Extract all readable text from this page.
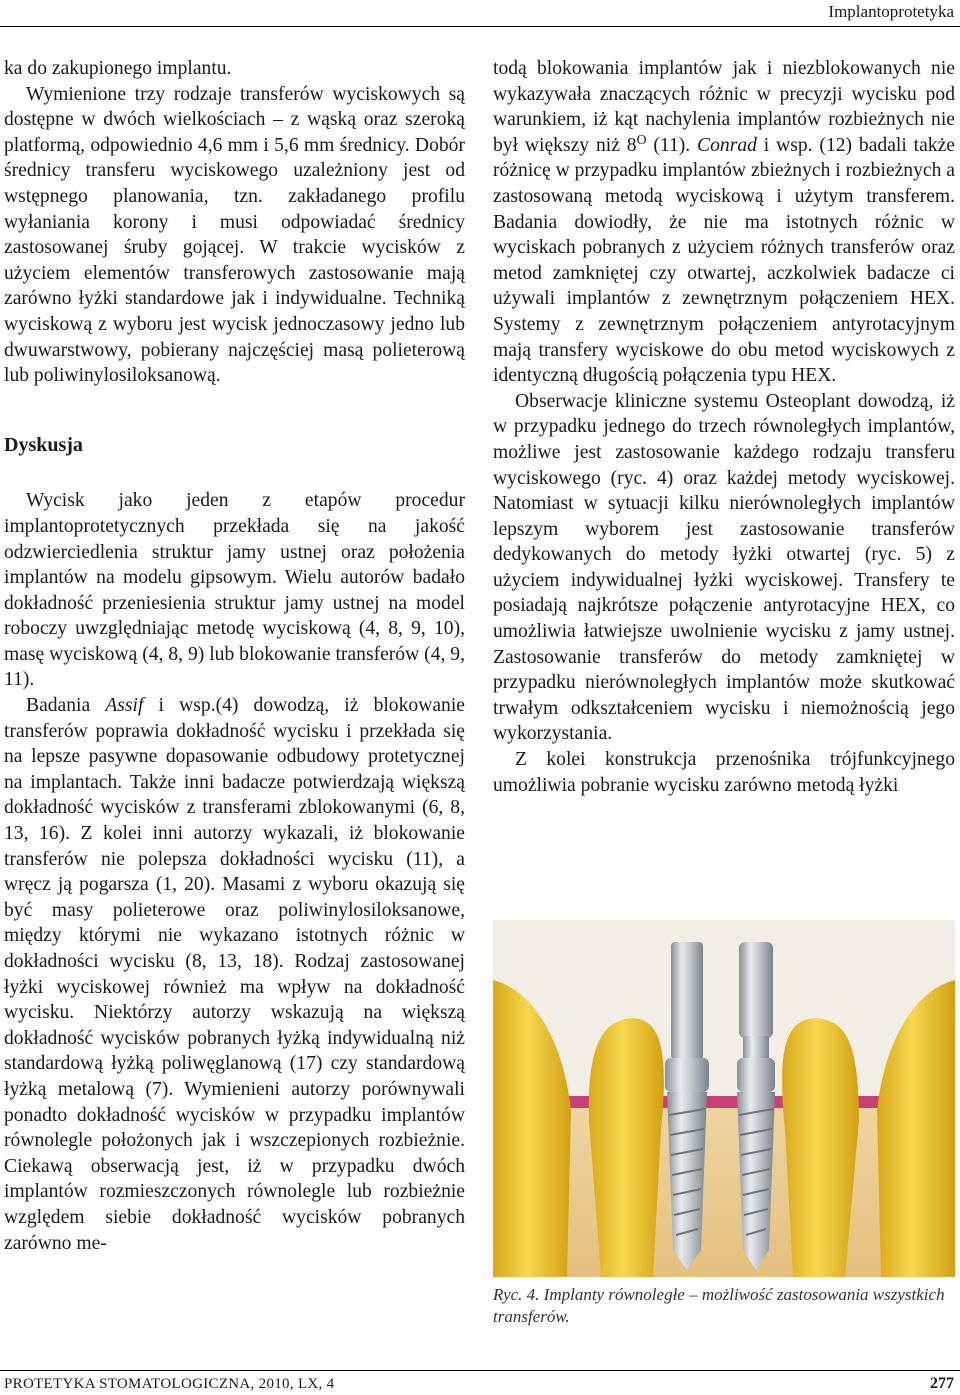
Implantoprotetyka

ka do zakupionego implantu.

Wymienione trzy rodzaje transferów wyciskowych są dostępne w dwóch wielkościach – z wąską oraz szeroką platformą, odpowiednio 4,6 mm i 5,6 mm średnicy. Dobór średnicy transferu wyciskowego uzależniony jest od wstępnego planowania, tzn. zakładanego profilu wyłaniania korony i musi odpowiadać średnicy zastosowanej śruby gojącej. W trakcie wycisków z użyciem elementów transferowych zastosowanie mają zarówno łyżki standardowe jak i indywidualne. Techniką wyciskową z wyboru jest wycisk jednoczasowy jedno lub dwuwarstwowy, pobierany najczęściej masą polieterową lub poliwinylosiloksanową.

Dyskusja

Wycisk jako jeden z etapów procedur implantoprotetycznych przekłada się na jakość odzwierciedlenia struktur jamy ustnej oraz położenia implantów na modelu gipsowym. Wielu autorów badało dokładność przeniesienia struktur jamy ustnej na model roboczy uwzględniając metodę wyciskową (4, 8, 9, 10), masę wyciskową (4, 8, 9) lub blokowanie transferów (4, 9, 11).

Badania Assif i wsp.(4) dowodzą, iż blokowanie transferów poprawia dokładność wycisku i przekłada się na lepsze pasywne dopasowanie odbudowy protetycznej na implantach. Także inni badacze potwierdzają większą dokładność wycisków z transferami zblokowanymi (6, 8, 13, 16). Z kolei inni autorzy wykazali, iż blokowanie transferów nie polepsza dokładności wycisku (11), a wręcz ją pogarsza (1, 20). Masami z wyboru okazują się być masy polieterowe oraz poliwinylosiloksanowe, między którymi nie wykazano istotnych różnic w dokładności wycisku (8, 13, 18). Rodzaj zastosowanej łyżki wyciskowej również ma wpływ na dokładność wycisku. Niektórzy autorzy wskazują na większą dokładność wycisków pobranych łyżką indywidualną niż standardową łyżką poliwęglanową (17) czy standardową łyżką metalową (7). Wymienieni autorzy porównywali ponadto dokładność wycisków w przypadku implantów równolegle położonych jak i wszczepionych rozbieżnie. Ciekawą obserwacją jest, iż w przypadku dwóch implantów rozmieszczonych równolegle lub rozbieżnie względem siebie dokładność wycisków pobranych zarówno me-

todą blokowania implantów jak i niezblokowanych nie wykazywała znaczących różnic w precyzji wycisku pod warunkiem, iż kąt nachylenia implantów rozbieżnych nie był większy niż $8^O$ (11). Conrad i wsp. (12) badali także różnicę w przypadku implantów zbieżnych i rozbieżnych a zastosowaną metodą wyciskową i użytym transferem. Badania dowiodły, że nie ma istotnych różnic w wyciskach pobranych z użyciem różnych transferów oraz metod zamkniętej czy otwartej, aczkolwiek badacze ci używali implantów z zewnętrznym połączeniem HEX. Systemy z zewnętrznym połączeniem antyrotacyjnym mają transfery wyciskowe do obu metod wyciskowych z identyczną długością połączenia typu HEX.

Obserwacje kliniczne systemu Osteoplant dowodzą, iż w przypadku jednego do trzech równoległych implantów, możliwe jest zastosowanie każdego rodzaju transferu wyciskowego (ryc. 4) oraz każdej metody wyciskowej. Natomiast w sytuacji kilku nierównoległych implantów lepszym wyborem jest zastosowanie transferów dedykowanych do metody łyżki otwartej (ryc. 5) z użyciem indywidualnej łyżki wyciskowej. Transfery te posiadają najkrótsze połączenie antyrotacyjne HEX, co umożliwia łatwiejsze uwolnienie wycisku z jamy ustnej. Zastosowanie transferów do metody zamkniętej w przypadku nierównoległych implantów może skutkować trwałym odkształceniem wycisku i niemożnością jego wykorzystania.

Z kolei konstrukcja przenośnika trójfunkcyjnego umożliwia pobranie wycisku zarówno metodą łyżki

Ryc. 4. Implanty równoległe – możliwość zastosowania wszystkich transferów.
PROTETYKA STOMATOLOGICZNA, 2010, LX, 4	277
